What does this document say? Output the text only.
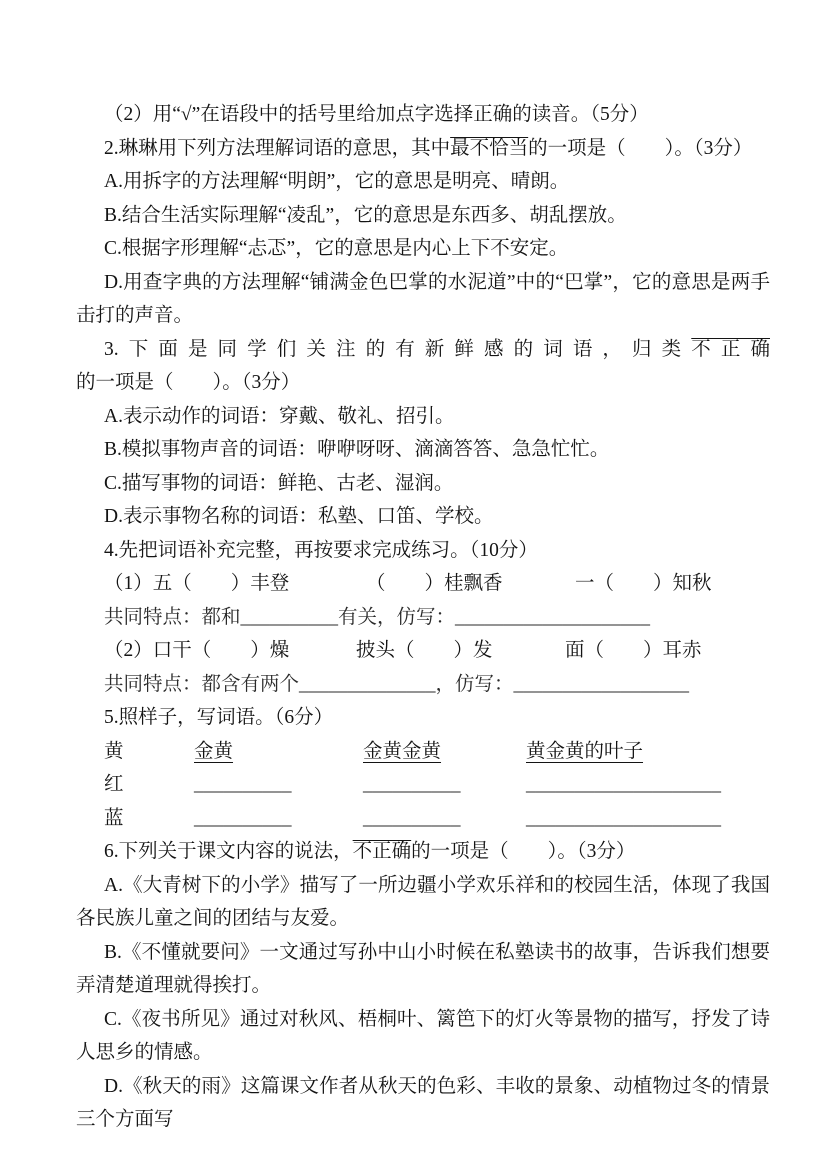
（2）用“√”在语段中的括号里给加点字选择正确的读音。（5分）

2.琳琳用下列方法理解词语的意思，其中最不恰当的一项是（　　）。（3分）

A.用拆字的方法理解“明朗”，它的意思是明亮、晴朗。

B.结合生活实际理解“凌乱”，它的意思是东西多、胡乱摆放。

C.根据字形理解“忐忑”，它的意思是内心上下不安定。

D.用查字典的方法理解“铺满金色巴掌的水泥道”中的“巴掌”，它的意思是两手击打的声音。

3.下面是同学们关注的有新鲜感的词语，归类不正确的一项是（　　）。（3分）

A.表示动作的词语：穿戴、敬礼、招引。

B.模拟事物声音的词语：咿咿呀呀、滴滴答答、急急忙忙。

C.描写事物的词语：鲜艳、古老、湿润。

D.表示事物名称的词语：私塾、口笛、学校。

4.先把词语补充完整，再按要求完成练习。（10分）

（1）五（　　）丰登	（　　）桂飘香	一（　　）知秋

共同特点：都和__________有关，仿写：____________________

（2）口干（　　）燥	披头（　　）发	面（　　）耳赤

共同特点：都含有两个______________，仿写：__________________

5.照样子，写词语。（6分）

黄	金黄	金黄金黄	黄金黄的叶子
红	__________	__________	____________________
蓝	__________	__________	____________________

6.下列关于课文内容的说法，不正确的一项是（　　）。（3分）

A.《大青树下的小学》描写了一所边疆小学欢乐祥和的校园生活，体现了我国各民族儿童之间的团结与友爱。

B.《不懂就要问》一文通过写孙中山小时候在私塾读书的故事，告诉我们想要弄清楚道理就得挨打。

C.《夜书所见》通过对秋风、梧桐叶、篱笆下的灯火等景物的描写，抒发了诗人思乡的情感。

D.《秋天的雨》这篇课文作者从秋天的色彩、丰收的景象、动植物过冬的情景三个方面写
